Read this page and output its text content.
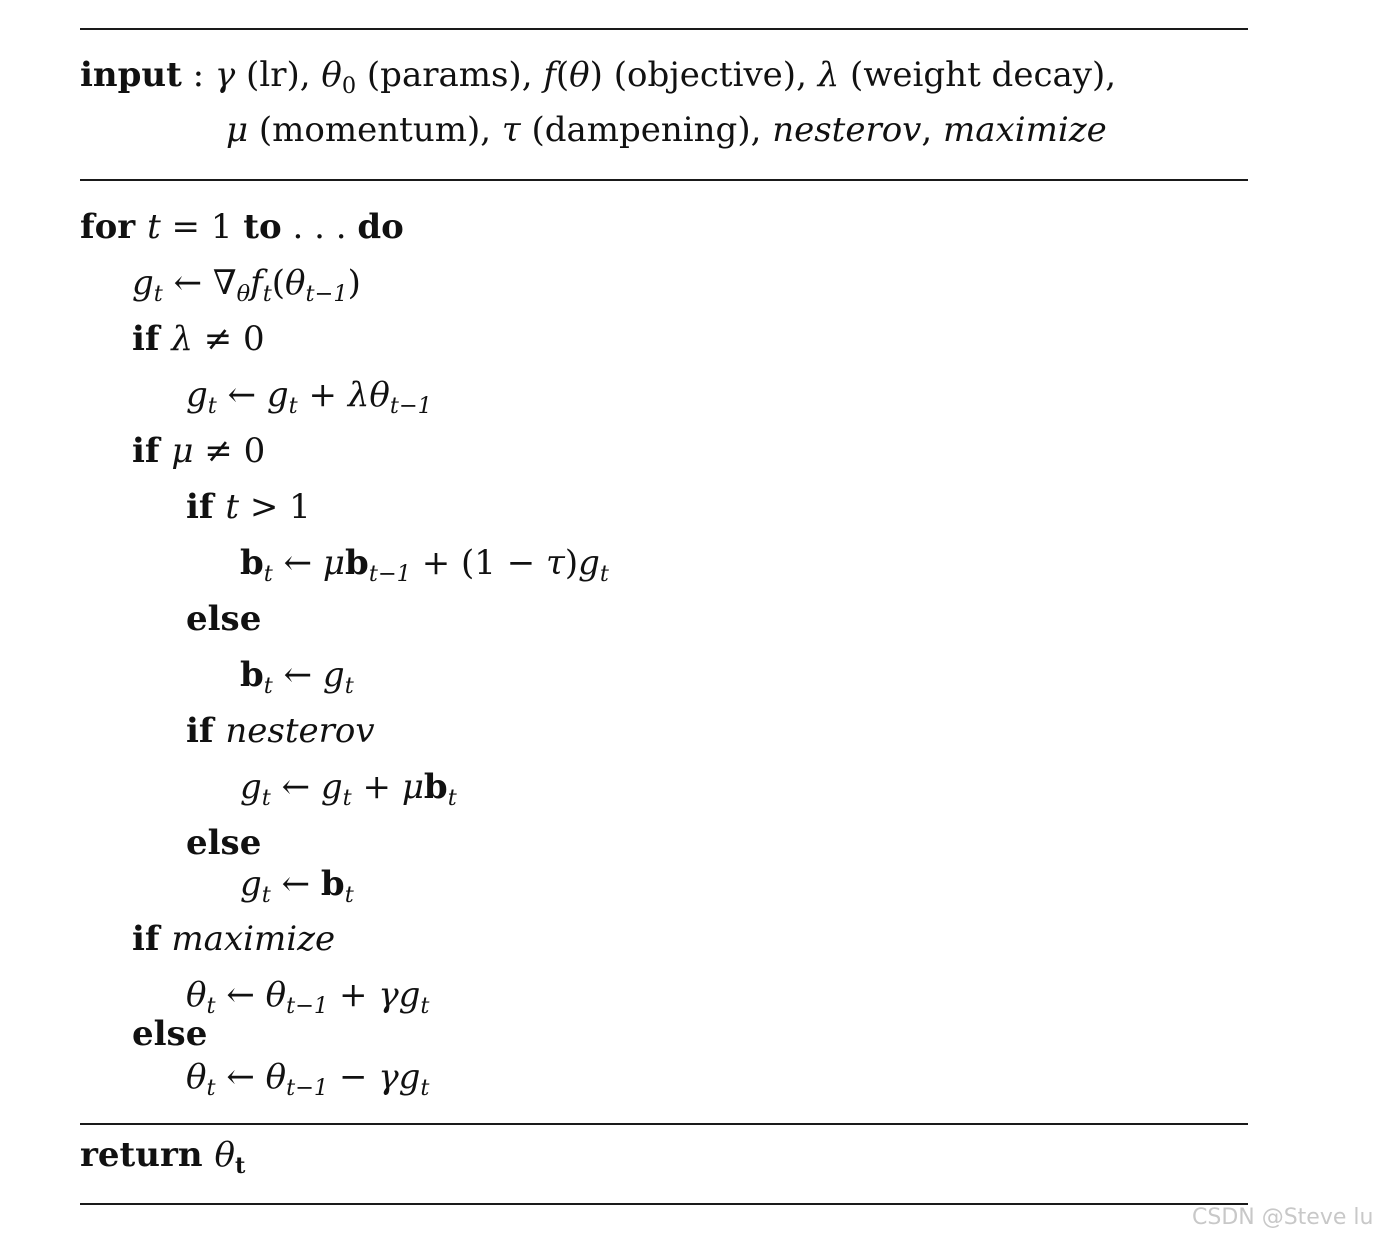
input : γ (lr), $\theta_0$ (params), f(θ) (objective), λ (weight decay),
μ (momentum), τ (dampening), nesterov, maximize
for t = 1 to . . . do
$g_t$ ← $\nabla_\theta f_t(\theta_{t-1})$
if λ ≠ 0
$g_t$ ← $g_t + \lambda\theta_{t-1}$
if μ ≠ 0
if t > 1
$b_t$ ← $\mu b_{t-1} + (1 - \tau)g_t$
else
$b_t$ ← $g_t$
if nesterov
$g_t$ ← $g_t + \mu b_t$
else
$g_t$ ← $b_t$
if maximize
$\theta_t$ ← $\theta_{t-1} + \gamma g_t$
else
$\theta_t$ ← $\theta_{t-1} - \gamma g_t$
return $\theta_t$
CSDN @Steve lu
